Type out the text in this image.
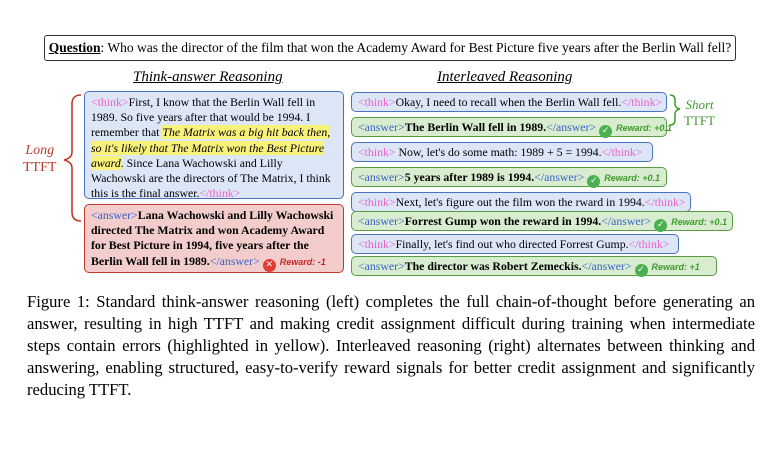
Question: Who was the director of the film that won the Academy Award for Best Picture five years after the Berlin Wall fell?
Think-answer Reasoning	Interleaved Reasoning
Long
TTFT
Short
TTFT
<think>First, I know that the Berlin Wall fell in 1989. So five years after that would be 1994. I remember that The Matrix was a big hit back then, so it's likely that The Matrix won the Best Picture award. Since Lana Wachowski and Lilly Wachowski are the directors of The Matrix, I think this is the final answer.</think>
<answer>Lana Wachowski and Lilly Wachowski directed The Matrix and won Academy Award for Best Picture in 1994, five years after the Berlin Wall fell in 1989.</answer> ✕ Reward: -1
<think>Okay, I need to recall when the Berlin Wall fell.</think>
<answer>The Berlin Wall fell in 1989.</answer> ✓ Reward: +0.1
<think> Now, let's do some math: 1989 + 5 = 1994.</think>
<answer>5 years after 1989 is 1994.</answer> ✓ Reward: +0.1
<think>Next, let's figure out the film won the rward in 1994.</think>
<answer>Forrest Gump won the reward in 1994.</answer> ✓ Reward: +0.1
<think>Finally, let's find out who directed Forrest Gump.</think>
<answer>The director was Robert Zemeckis.</answer> ✓ Reward: +1
Figure 1: Standard think-answer reasoning (left) completes the full chain-of-thought before generating an answer, resulting in high TTFT and making credit assignment difficult during training when intermediate steps contain errors (highlighted in yellow). Interleaved reasoning (right) alternates between thinking and answering, enabling structured, easy-to-verify reward signals for better credit assignment and significantly reducing TTFT.
